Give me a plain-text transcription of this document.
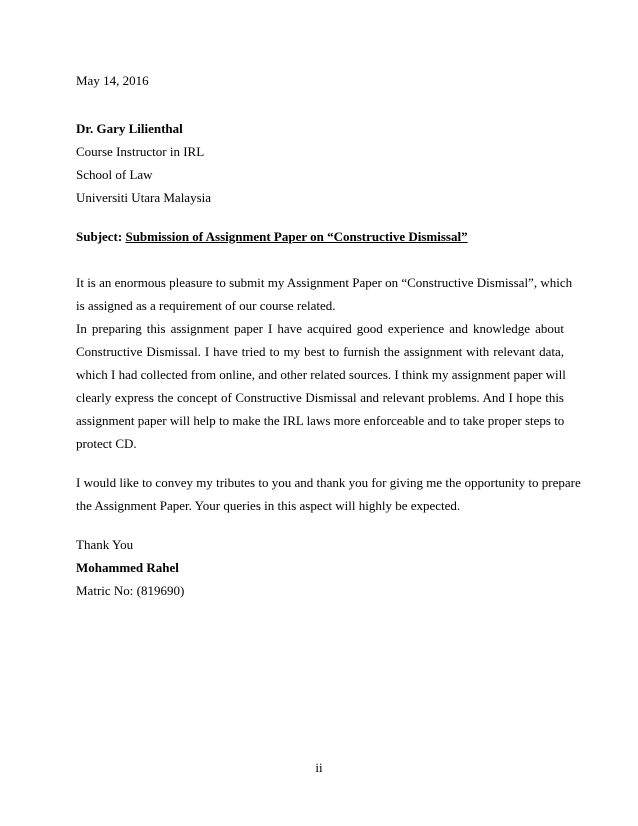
May 14, 2016
Dr. Gary Lilienthal
Course Instructor in IRL
School of Law
Universiti Utara Malaysia
Subject: Submission of Assignment Paper on “Constructive Dismissal”
It is an enormous pleasure to submit my Assignment Paper on “Constructive Dismissal”, which
is assigned as a requirement of our course related.
In preparing this assignment paper I have acquired good experience and knowledge about
Constructive Dismissal. I have tried to my best to furnish the assignment with relevant data,
which I had collected from online, and other related sources. I think my assignment paper will
clearly express the concept of Constructive Dismissal and relevant problems. And I hope this
assignment paper will help to make the IRL laws more enforceable and to take proper steps to
protect CD.
I would like to convey my tributes to you and thank you for giving me the opportunity to prepare
the Assignment Paper. Your queries in this aspect will highly be expected.
Thank You
Mohammed Rahel
Matric No: (819690)
ii
